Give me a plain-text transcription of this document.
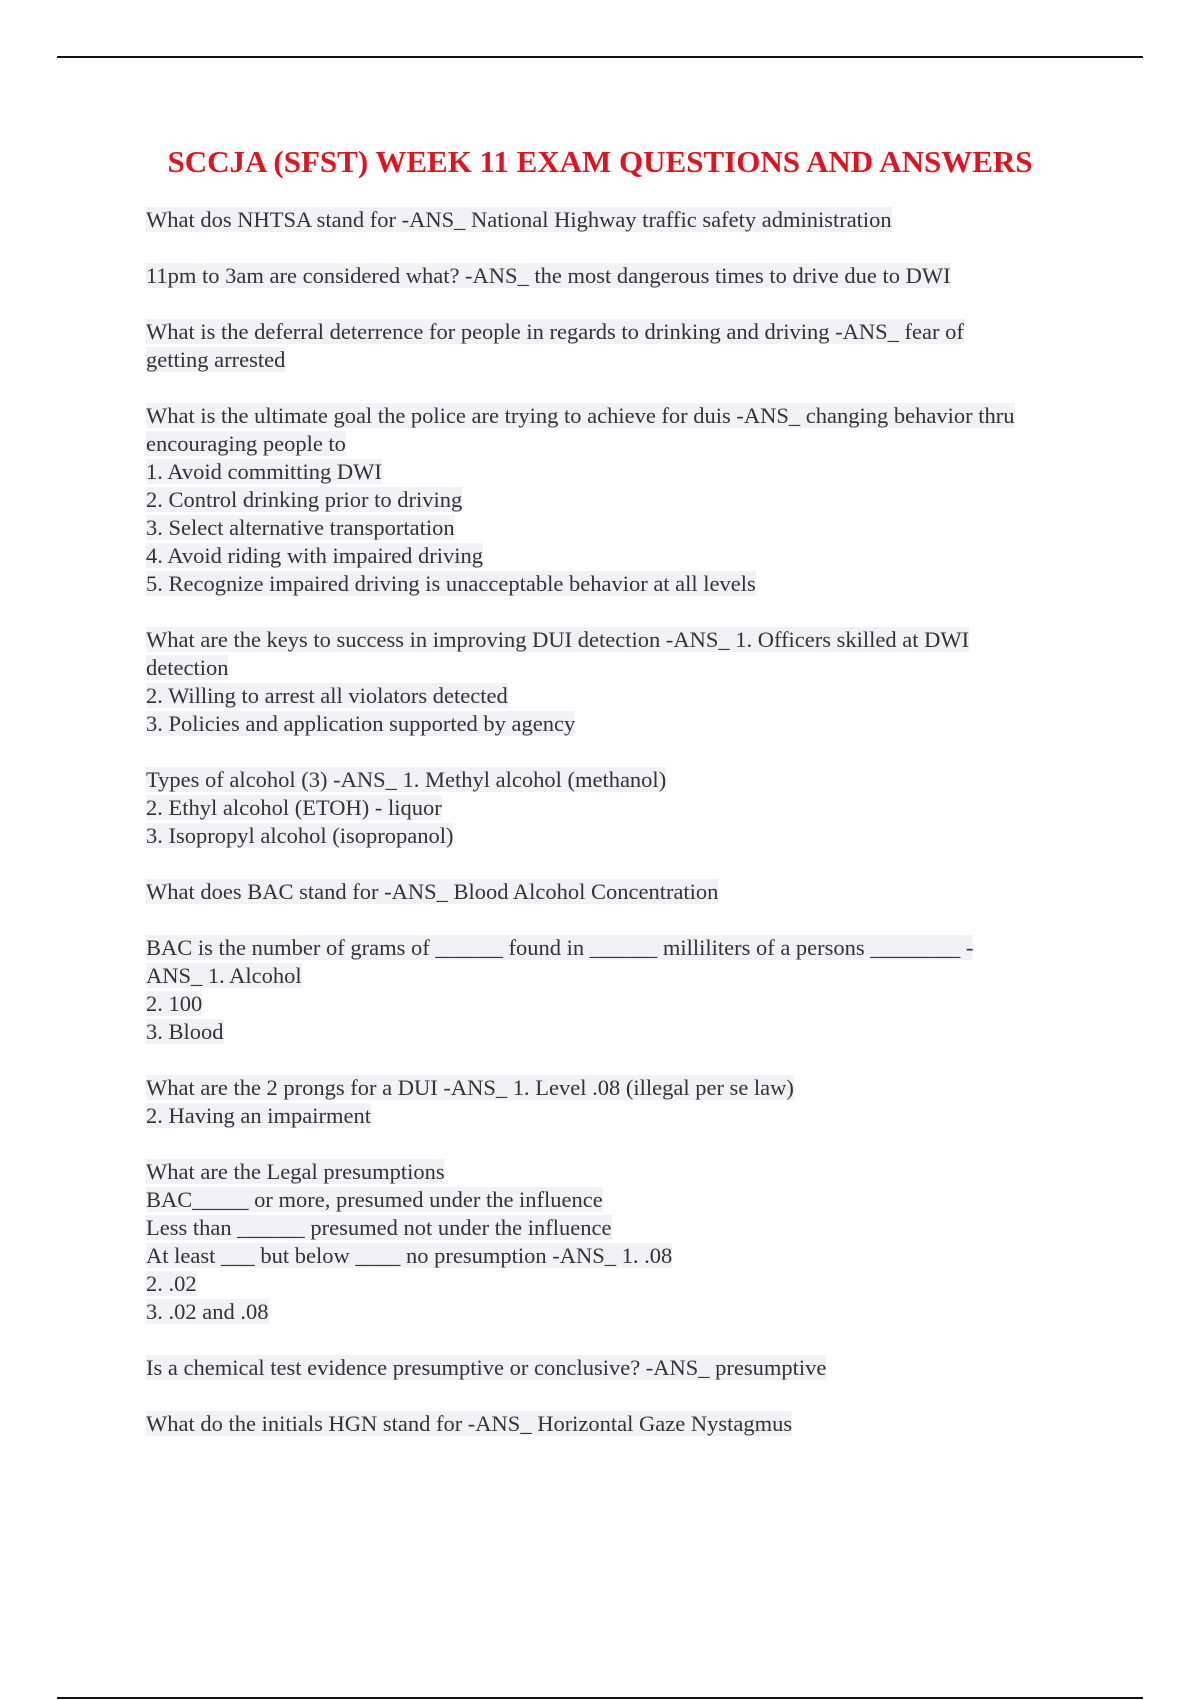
SCCJA (SFST) WEEK 11 EXAM QUESTIONS AND ANSWERS
What dos NHTSA stand for -ANS_ National Highway traffic safety administration
11pm to 3am are considered what? -ANS_ the most dangerous times to drive due to DWI
What is the deferral deterrence for people in regards to drinking and driving -ANS_ fear of
getting arrested
What is the ultimate goal the police are trying to achieve for duis -ANS_ changing behavior thru
encouraging people to
1. Avoid committing DWI
2. Control drinking prior to driving
3. Select alternative transportation
4. Avoid riding with impaired driving
5. Recognize impaired driving is unacceptable behavior at all levels
What are the keys to success in improving DUI detection -ANS_ 1. Officers skilled at DWI
detection
2. Willing to arrest all violators detected
3. Policies and application supported by agency
Types of alcohol (3) -ANS_ 1. Methyl alcohol (methanol)
2. Ethyl alcohol (ETOH) - liquor
3. Isopropyl alcohol (isopropanol)
What does BAC stand for -ANS_ Blood Alcohol Concentration
BAC is the number of grams of ______ found in ______ milliliters of a persons ________ -
ANS_ 1. Alcohol
2. 100
3. Blood
What are the 2 prongs for a DUI -ANS_ 1. Level .08 (illegal per se law)
2. Having an impairment
What are the Legal presumptions
BAC_____ or more, presumed under the influence
Less than ______ presumed not under the influence
At least ___ but below ____ no presumption -ANS_ 1. .08
2. .02
3. .02 and .08
Is a chemical test evidence presumptive or conclusive? -ANS_ presumptive
What do the initials HGN stand for -ANS_ Horizontal Gaze Nystagmus
